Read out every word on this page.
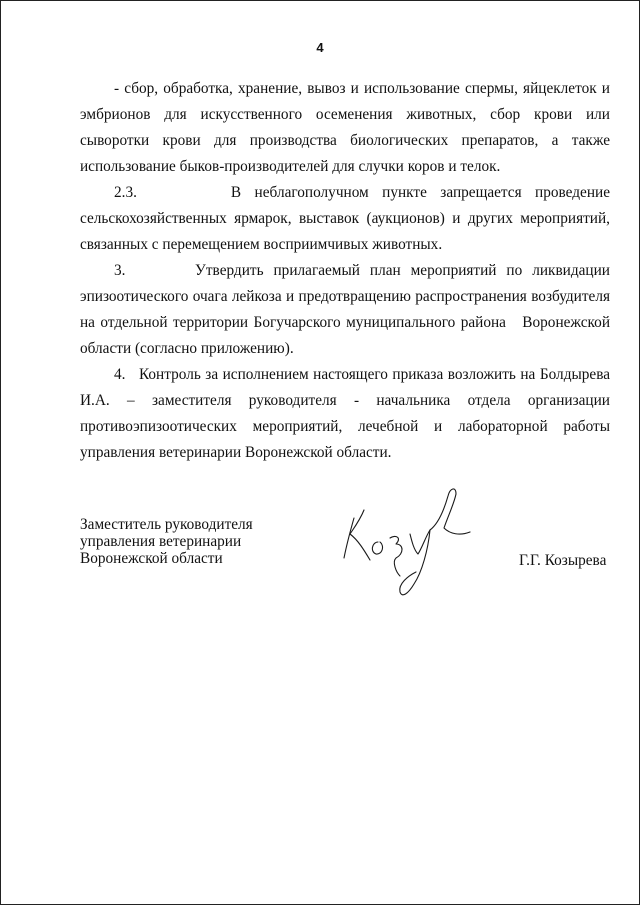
4

- сбор, обработка, хранение, вывоз и использование спермы, яйцеклеток и эмбрионов для искусственного осеменения животных, сбор крови или сыворотки крови для производства биологических препаратов, а также использование быков-производителей для случки коров и телок.

2.3.       В неблагополучном пункте запрещается проведение сельскохозяйственных ярмарок, выставок (аукционов) и других мероприятий, связанных с перемещением восприимчивых животных.

3.       Утвердить прилагаемый план мероприятий по ликвидации эпизоотического очага лейкоза и предотвращению распространения возбудителя на отдельной территории Богучарского муниципального района   Воронежской области (согласно приложению).

4.   Контроль за исполнением настоящего приказа возложить на Болдырева И.А. – заместителя руководителя - начальника отдела организации противоэпизоотических мероприятий, лечебной и лабораторной работы управления ветеринарии Воронежской области.

Заместитель руководителя
управления ветеринарии
Воронежской области	Г.Г. Козырева
